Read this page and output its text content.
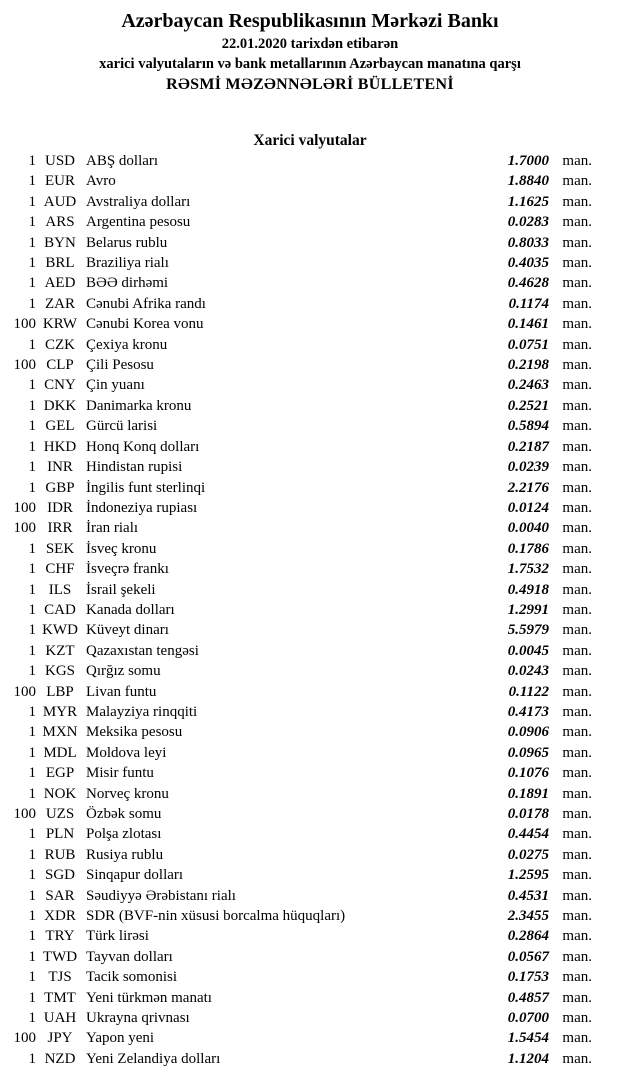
Azərbaycan Respublikasının Mərkəzi Bankı
22.01.2020 tarixdən etibarən
xarici valyutaların və bank metallarının Azərbaycan manatına qarşı
RƏSMİ MƏZƏNNƏLƏRİ BÜLLETENİ
Xarici valyutalar
1 USD ABŞ dolları	1.7000 man.
1 EUR Avro	1.8840 man.
1 AUD Avstraliya dolları	1.1625 man.
1 ARS Argentina pesosu	0.0283 man.
1 BYN Belarus rublu	0.8033 man.
1 BRL Braziliya rialı	0.4035 man.
1 AED BƏƏ dirhəmi	0.4628 man.
1 ZAR Cənubi Afrika randı	0.1174 man.
100 KRW Cənubi Korea vonu	0.1461 man.
1 CZK Çexiya kronu	0.0751 man.
100 CLP Çili Pesosu	0.2198 man.
1 CNY Çin yuanı	0.2463 man.
1 DKK Danimarka kronu	0.2521 man.
1 GEL Gürcü larisi	0.5894 man.
1 HKD Honq Konq dolları	0.2187 man.
1 INR Hindistan rupisi	0.0239 man.
1 GBP İngilis funt sterlinqi	2.2176 man.
100 IDR İndoneziya rupiası	0.0124 man.
100 IRR İran rialı	0.0040 man.
1 SEK İsveç kronu	0.1786 man.
1 CHF İsveçrə frankı	1.7532 man.
1 ILS İsrail şekeli	0.4918 man.
1 CAD Kanada dolları	1.2991 man.
1 KWD Küveyt dinarı	5.5979 man.
1 KZT Qazaxıstan tengəsi	0.0045 man.
1 KGS Qırğız somu	0.0243 man.
100 LBP Livan funtu	0.1122 man.
1 MYR Malayziya rinqqiti	0.4173 man.
1 MXN Meksika pesosu	0.0906 man.
1 MDL Moldova leyi	0.0965 man.
1 EGP Misir funtu	0.1076 man.
1 NOK Norveç kronu	0.1891 man.
100 UZS Özbək somu	0.0178 man.
1 PLN Polşa zlotası	0.4454 man.
1 RUB Rusiya rublu	0.0275 man.
1 SGD Sinqapur dolları	1.2595 man.
1 SAR Səudiyyə Ərəbistanı rialı	0.4531 man.
1 XDR SDR (BVF-nin xüsusi borcalma hüquqları)	2.3455 man.
1 TRY Türk lirəsi	0.2864 man.
1 TWD Tayvan dolları	0.0567 man.
1 TJS Tacik somonisi	0.1753 man.
1 TMT Yeni türkmən manatı	0.4857 man.
1 UAH Ukrayna qrivnası	0.0700 man.
100 JPY Yapon yeni	1.5454 man.
1 NZD Yeni Zelandiya dolları	1.1204 man.
